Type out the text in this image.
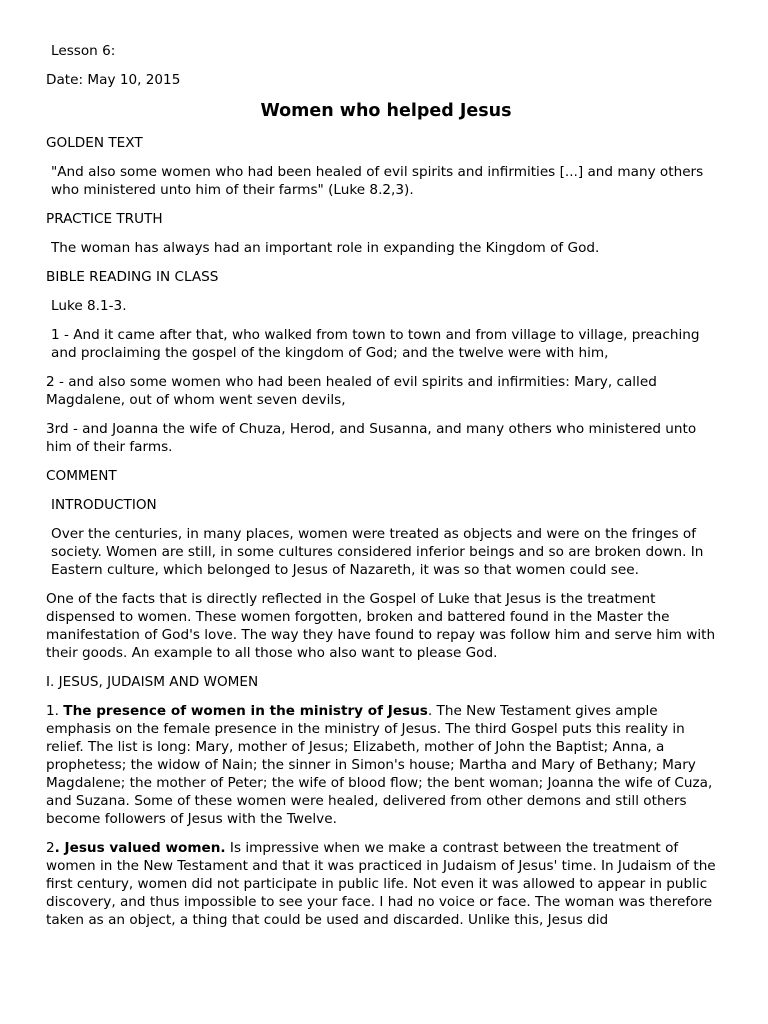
Lesson 6:

Date: May 10, 2015

Women who helped Jesus

GOLDEN TEXT

"And also some women who had been healed of evil spirits and infirmities [...] and many others who ministered unto him of their farms" (Luke 8.2,3).

PRACTICE TRUTH

The woman has always had an important role in expanding the Kingdom of God.

BIBLE READING IN CLASS

Luke 8.1-3.

1 - And it came after that, who walked from town to town and from village to village, preaching and proclaiming the gospel of the kingdom of God; and the twelve were with him,

2 - and also some women who had been healed of evil spirits and infirmities: Mary, called Magdalene, out of whom went seven devils,

3rd - and Joanna the wife of Chuza, Herod, and Susanna, and many others who ministered unto him of their farms.

COMMENT

INTRODUCTION

Over the centuries, in many places, women were treated as objects and were on the fringes of society. Women are still, in some cultures considered inferior beings and so are broken down. In Eastern culture, which belonged to Jesus of Nazareth, it was so that women could see.

One of the facts that is directly reflected in the Gospel of Luke that Jesus is the treatment dispensed to women. These women forgotten, broken and battered found in the Master the manifestation of God's love. The way they have found to repay was follow him and serve him with their goods. An example to all those who also want to please God.

I. JESUS, JUDAISM AND WOMEN

1. The presence of women in the ministry of Jesus. The New Testament gives ample emphasis on the female presence in the ministry of Jesus. The third Gospel puts this reality in relief. The list is long: Mary, mother of Jesus; Elizabeth, mother of John the Baptist; Anna, a prophetess; the widow of Nain; the sinner in Simon's house; Martha and Mary of Bethany; Mary Magdalene; the mother of Peter; the wife of blood flow; the bent woman; Joanna the wife of Cuza, and Suzana. Some of these women were healed, delivered from other demons and still others become followers of Jesus with the Twelve.

2. Jesus valued women. Is impressive when we make a contrast between the treatment of women in the New Testament and that it was practiced in Judaism of Jesus' time. In Judaism of the first century, women did not participate in public life. Not even it was allowed to appear in public discovery, and thus impossible to see your face. I had no voice or face. The woman was therefore taken as an object, a thing that could be used and discarded. Unlike this, Jesus did
